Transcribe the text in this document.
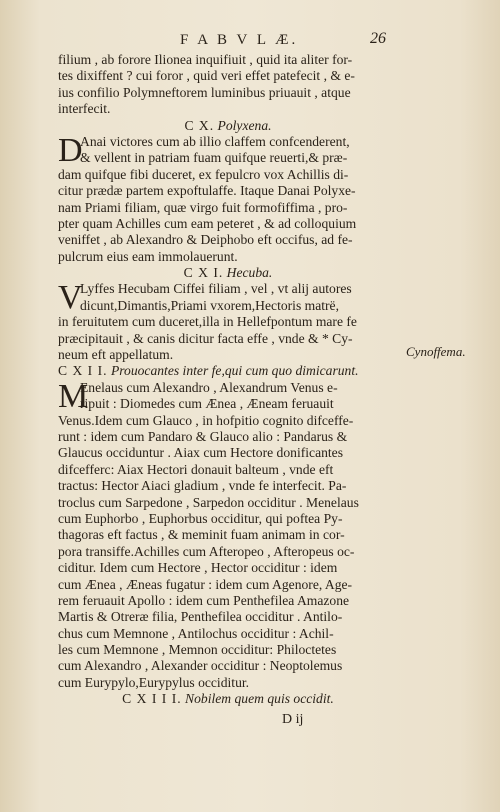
F A B V L Æ.	26
filium , ab forore Ilionea inquifiuit , quid ita aliter for-
tes dixiffent ? cui foror , quid veri effet patefecit , & e-
ius confilio Polymneftorem luminibus priuauit , atque
interfecit.
C X. Polyxena.
D
Anai victores cum ab illio claffem confcenderent,
& vellent in patriam fuam quifque reuerti,& præ-
dam quifque fibi duceret, ex fepulcro vox Achillis di-
citur prædæ partem expoftulaffe. Itaque Danai Polyxe-
nam Priami filiam, quæ virgo fuit formofiffima , pro-
pter quam Achilles cum eam peteret , & ad colloquium
veniffet , ab Alexandro & Deiphobo eft occifus, ad fe-
pulcrum eius eam immolauerunt.
C X I. Hecuba.
V
Lyffes Hecubam Ciffei filiam , vel , vt alij autores
dicunt,Dimantis,Priami vxorem,Hectoris matrë,
in feruitutem cum duceret,illa in Hellefpontum mare fe
præcipitauit , & canis dicitur facta effe , vnde & * Cy-
neum eft appellatum.
C X I I. Prouocantes inter fe,qui cum quo dimicarunt.
M
Enelaus cum Alexandro , Alexandrum Venus e-
ripuit : Diomedes cum Ænea , Æneam feruauit
Venus.Idem cum Glauco , in hofpitio cognito difceffe-
runt : idem cum Pandaro & Glauco alio : Pandarus &
Glaucus occiduntur . Aiax cum Hectore donificantes
difcefferc: Aiax Hectori donauit balteum , vnde eft
tractus: Hector Aiaci gladium , vnde fe interfecit. Pa-
troclus cum Sarpedone , Sarpedon occiditur . Menelaus
cum Euphorbo , Euphorbus occiditur, qui poftea Py-
thagoras eft factus , & meminit fuam animam in cor-
pora transiffe.Achilles cum Afteropeo , Afteropeus oc-
ciditur. Idem cum Hectore , Hector occiditur : idem
cum Ænea , Æneas fugatur : idem cum Agenore, Age-
rem feruauit Apollo : idem cum Penthefilea Amazone
Martis & Otreræ filia, Penthefilea occiditur . Antilo-
chus cum Memnone , Antilochus occiditur : Achil-
les cum Memnone , Memnon occiditur: Philoctetes
cum Alexandro , Alexander occiditur : Neoptolemus
cum Eurypylo,Eurypylus occiditur.
C X I I I. Nobilem quem quis occidit.
Cynoffema.
D ij
